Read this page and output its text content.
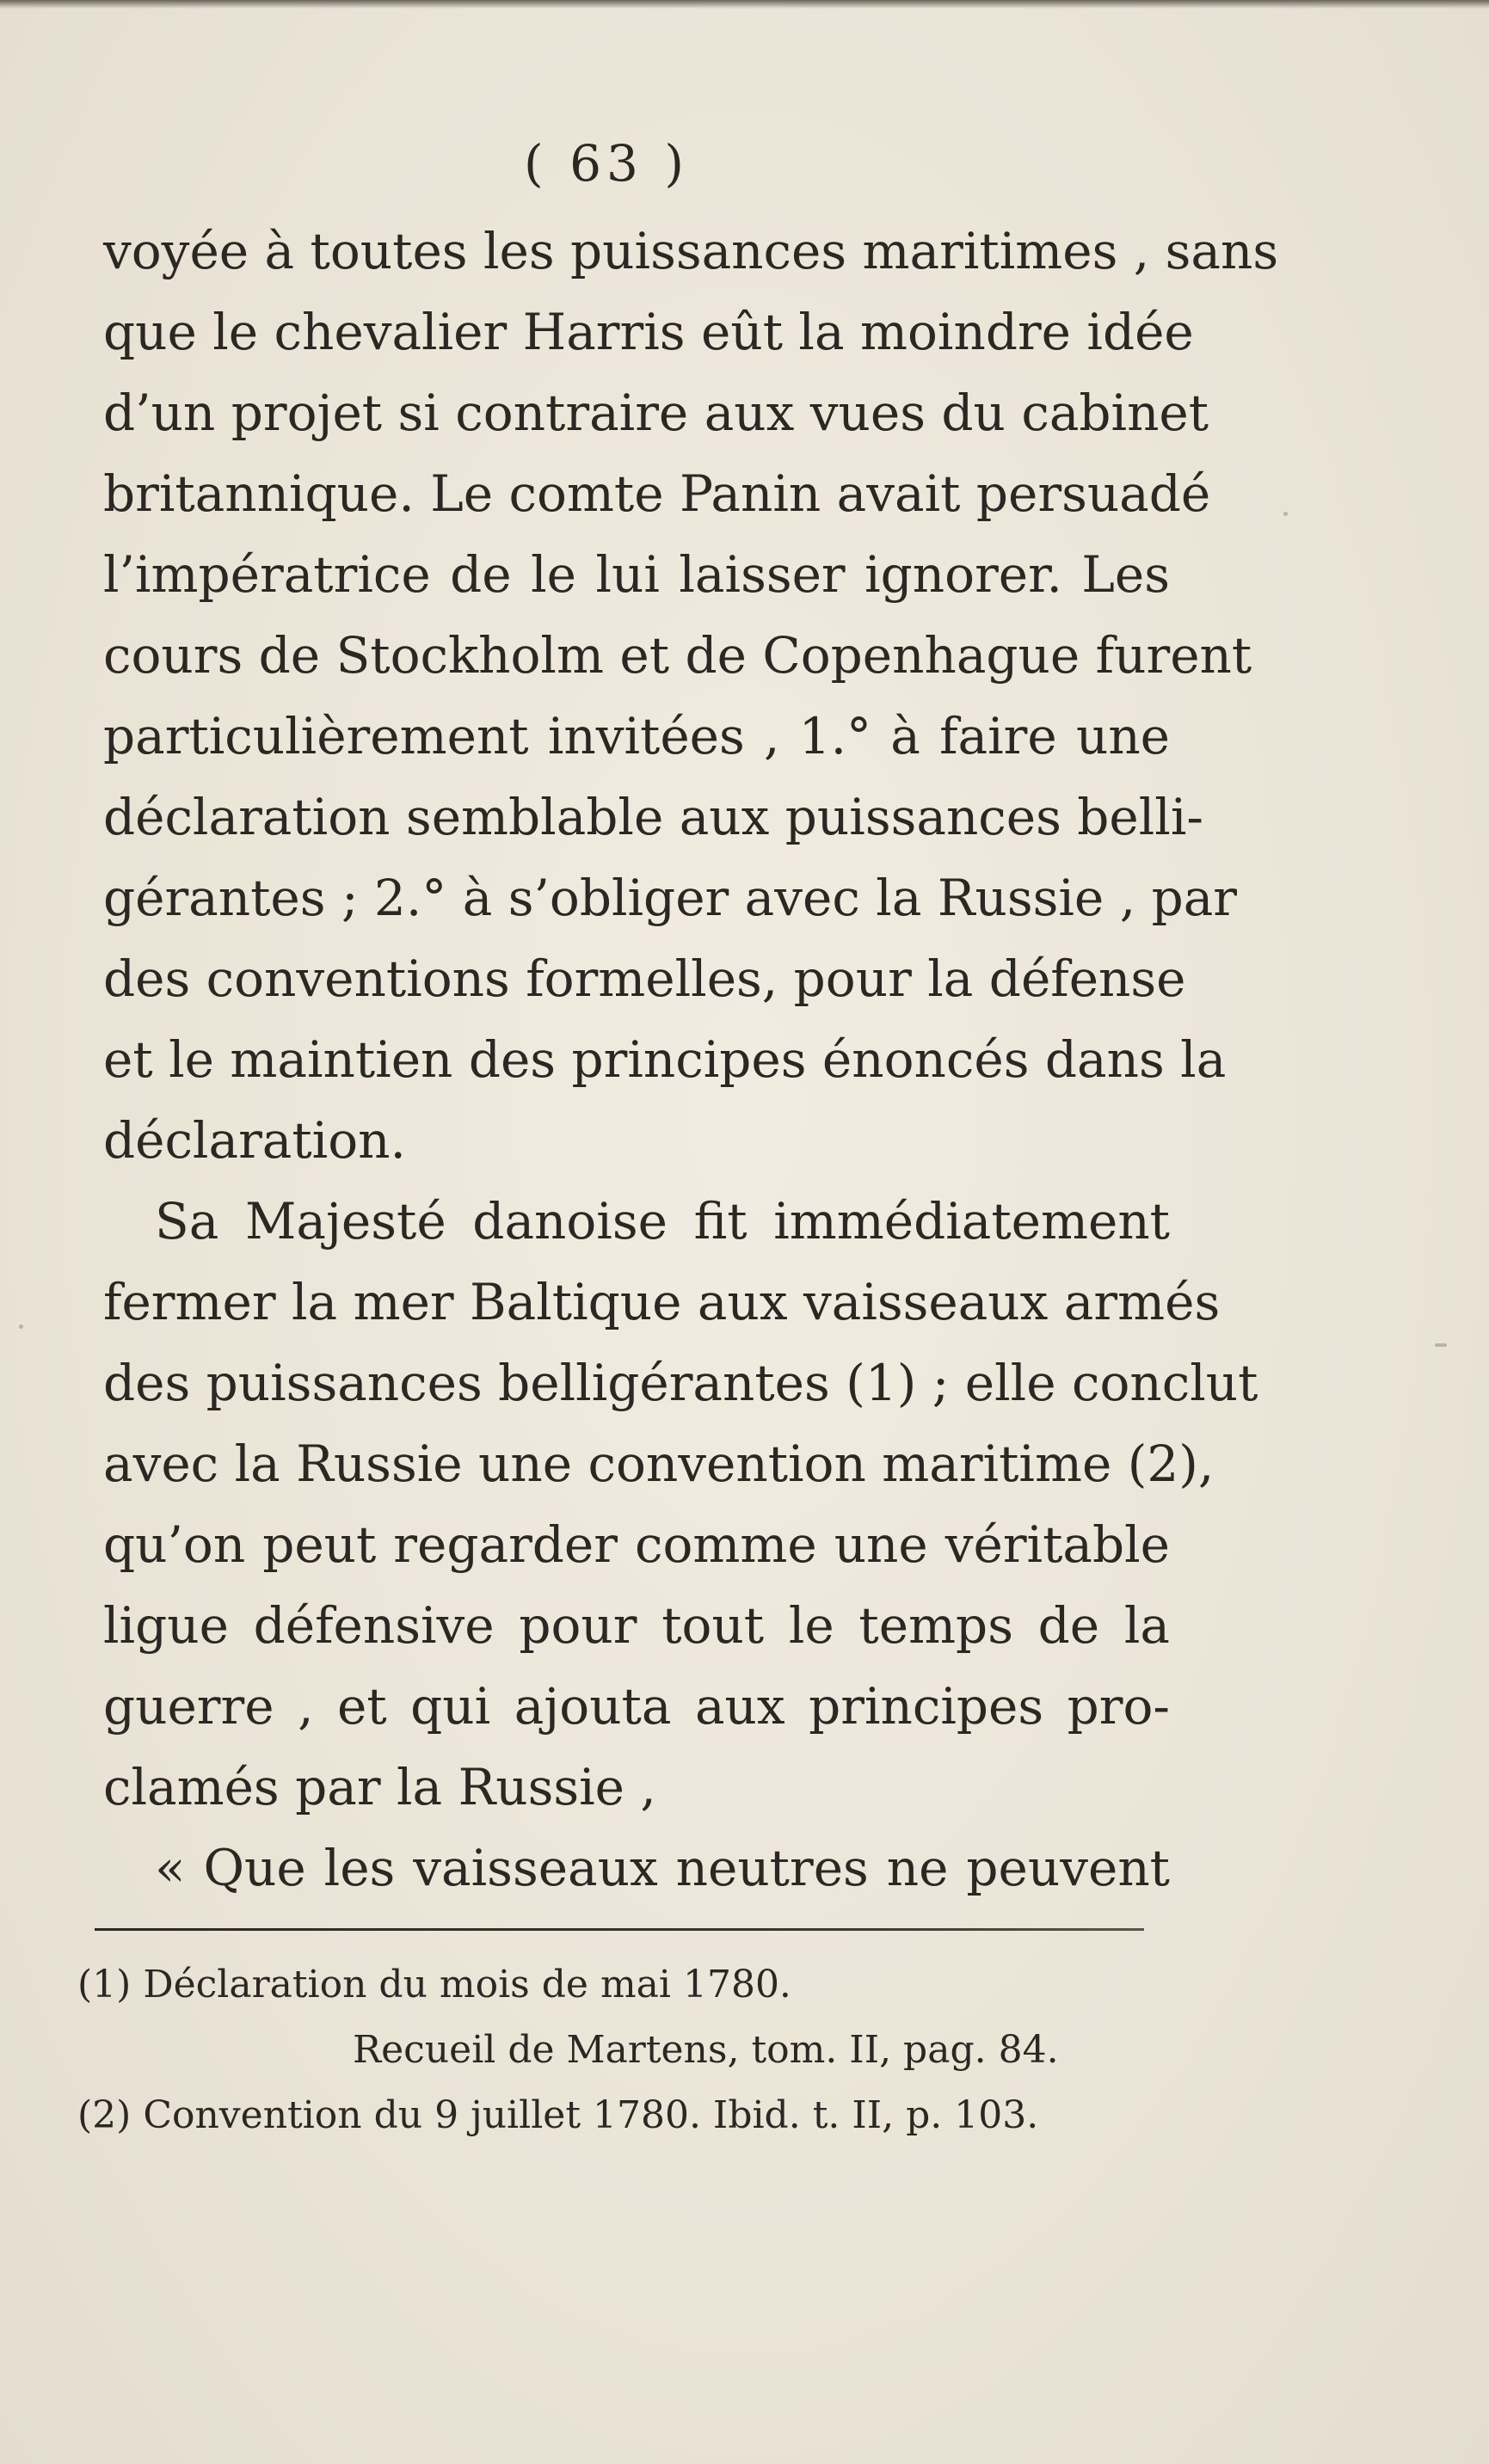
( 63 )
voyée à toutes les puissances maritimes , sans
que le chevalier Harris eût la moindre idée
d’un projet si contraire aux vues du cabinet
britannique. Le comte Panin avait persuadé
l’impératrice de le lui laisser ignorer. Les
cours de Stockholm et de Copenhague furent
particulièrement invitées , 1.° à faire une
déclaration semblable aux puissances belli-
gérantes ; 2.° à s’obliger avec la Russie , par
des conventions formelles, pour la défense
et le maintien des principes énoncés dans la
déclaration.
Sa Majesté danoise fit immédiatement
fermer la mer Baltique aux vaisseaux armés
des puissances belligérantes (1) ; elle conclut
avec la Russie une convention maritime (2),
qu’on peut regarder comme une véritable
ligue défensive pour tout le temps de la
guerre , et qui ajouta aux principes pro-
clamés par la Russie ,
« Que les vaisseaux neutres ne peuvent
(1) Déclaration du mois de mai 1780.
Recueil de Martens, tom. II, pag. 84.
(2) Convention du 9 juillet 1780. Ibid. t. II, p. 103.
